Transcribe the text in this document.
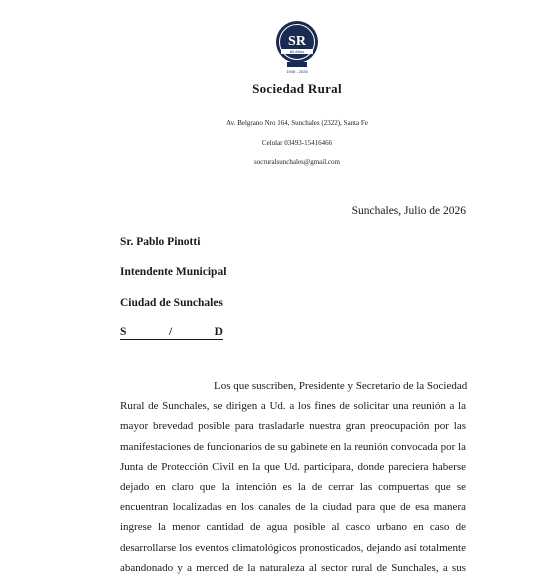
SR
80 Años
1945 - 2025
Sociedad Rural
Av. Belgrano Nro 164, Sunchales (2322), Santa Fe
Celular 03493-15416466
socruralsunchales@gmail.com
Sunchales, Julio de 2026
Sr. Pablo Pinotti
Intendente Municipal
Ciudad de Sunchales
S	/	D
Los que suscriben, Presidente y Secretario de la Sociedad
Rural de Sunchales, se dirigen a Ud. a los fines de solicitar una reunión a la
mayor brevedad posible para trasladarle nuestra gran preocupación por las
manifestaciones de funcionarios de su gabinete en la reunión convocada por la
Junta de Protección Civil en la que Ud. participara, donde pareciera haberse
dejado en claro que la intención es la de cerrar las compuertas que se
encuentran localizadas en los canales de la ciudad para que de esa manera
ingrese la menor cantidad de agua posible al casco urbano en caso de
desarrollarse los eventos climatológicos pronosticados, dejando así totalmente
abandonado y a merced de la naturaleza al sector rural de Sunchales, a sus
